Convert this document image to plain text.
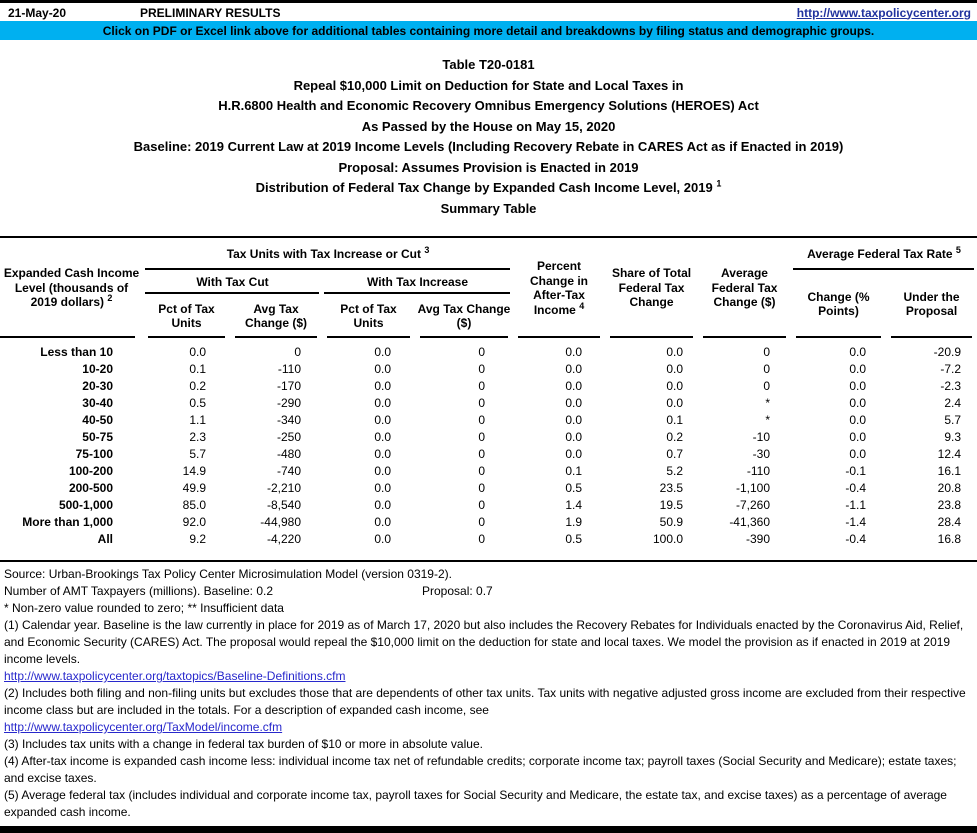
21-May-20	PRELIMINARY RESULTS	http://www.taxpolicycenter.org
Click on PDF or Excel link above for additional tables containing more detail and breakdowns by filing status and demographic groups.
Table T20-0181
Repeal $10,000 Limit on Deduction for State and Local Taxes in
H.R.6800 Health and Economic Recovery Omnibus Emergency Solutions (HEROES) Act
As Passed by the House on May 15, 2020
Baseline: 2019 Current Law at 2019 Income Levels (Including Recovery Rebate in CARES Act as if Enacted in 2019)
Proposal: Assumes Provision is Enacted in 2019
Distribution of Federal Tax Change by Expanded Cash Income Level, 2019 $^1$
Summary Table
Expanded Cash Income Level (thousands of 2019 dollars) $^2$	Tax Units with Tax Increase or Cut $^3$				Percent Change in After-Tax Income $^4$	Share of Total Federal Tax Change	Average Federal Tax Change ($)	Average Federal Tax Rate $^5$
	With Tax Cut		With Tax Increase					Change (% Points)	Under the Proposal
	Pct of Tax Units	Avg Tax Change ($)	Pct of Tax Units	Avg Tax Change ($)					
Less than 10	0.0	0	0.0	0	0.0	0.0	0	0.0	-20.9
10-20	0.1	-110	0.0	0	0.0	0.0	0	0.0	-7.2
20-30	0.2	-170	0.0	0	0.0	0.0	0	0.0	-2.3
30-40	0.5	-290	0.0	0	0.0	0.0	*	0.0	2.4
40-50	1.1	-340	0.0	0	0.0	0.1	*	0.0	5.7
50-75	2.3	-250	0.0	0	0.0	0.2	-10	0.0	9.3
75-100	5.7	-480	0.0	0	0.0	0.7	-30	0.0	12.4
100-200	14.9	-740	0.0	0	0.1	5.2	-110	-0.1	16.1
200-500	49.9	-2,210	0.0	0	0.5	23.5	-1,100	-0.4	20.8
500-1,000	85.0	-8,540	0.0	0	1.4	19.5	-7,260	-1.1	23.8
More than 1,000	92.0	-44,980	0.0	0	1.9	50.9	-41,360	-1.4	28.4
All	9.2	-4,220	0.0	0	0.5	100.0	-390	-0.4	16.8
Source: Urban-Brookings Tax Policy Center Microsimulation Model (version 0319-2).
Number of AMT Taxpayers (millions). Baseline: 0.2	Proposal: 0.7
* Non-zero value rounded to zero; ** Insufficient data
(1) Calendar year. Baseline is the law currently in place for 2019 as of March 17, 2020 but also includes the Recovery Rebates for Individuals enacted by the Coronavirus Aid, Relief, and Economic Security (CARES) Act. The proposal would repeal the $10,000 limit on the deduction for state and local taxes. We model the provision as if enacted in 2019 at 2019 income levels.
http://www.taxpolicycenter.org/taxtopics/Baseline-Definitions.cfm
(2) Includes both filing and non-filing units but excludes those that are dependents of other tax units. Tax units with negative adjusted gross income are excluded from their respective income class but are included in the totals. For a description of expanded cash income, see
http://www.taxpolicycenter.org/TaxModel/income.cfm
(3) Includes tax units with a change in federal tax burden of $10 or more in absolute value.
(4) After-tax income is expanded cash income less: individual income tax net of refundable credits; corporate income tax; payroll taxes (Social Security and Medicare); estate taxes; and excise taxes.
(5) Average federal tax (includes individual and corporate income tax, payroll taxes for Social Security and Medicare, the estate tax, and excise taxes) as a percentage of average expanded cash income.
